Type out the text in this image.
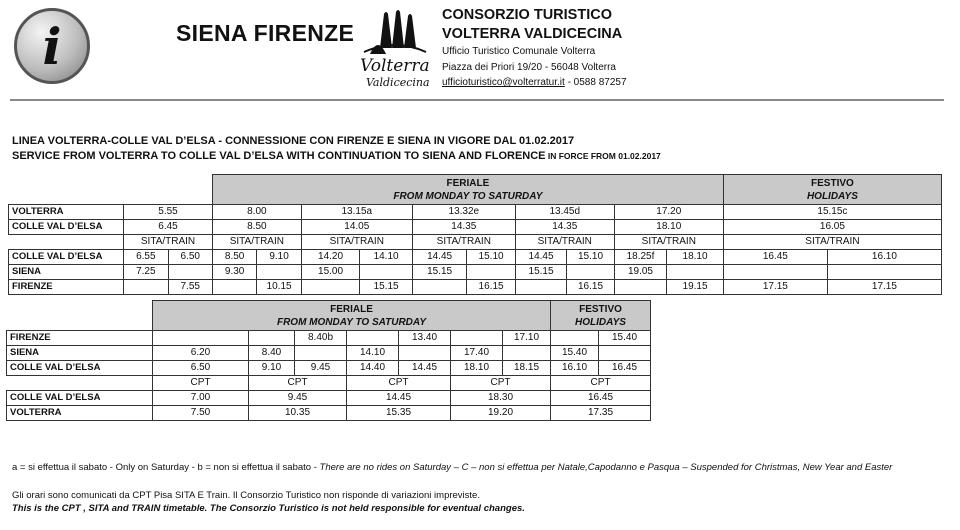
i	SIENA FIRENZE
Volterra
Valdicecina
CONSORZIO TURISTICO
VOLTERRA VALDICECINA
Ufficio Turistico Comunale Volterra
Piazza dei Priori 19/20 - 56048 Volterra
ufficioturistico@volterratur.it - 0588 87257
LINEA VOLTERRA-COLLE VAL D’ELSA - CONNESSIONE CON FIRENZE E SIENA IN VIGORE DAL 01.02.2017
SERVICE FROM VOLTERRA TO COLLE VAL D’ELSA WITH CONTINUATION TO SIENA AND FLORENCE IN FORCE FROM 01.02.2017

			FERIALE
FROM MONDAY TO SATURDAY										FESTIVO
HOLIDAYS	
VOLTERRA	5.55		8.00		13.15a		13.32e		13.45d		17.20		15.15c	
COLLE VAL D’ELSA	6.45		8.50		14.05		14.35		14.35		18.10		16.05	
	SITA/TRAIN		SITA/TRAIN		SITA/TRAIN		SITA/TRAIN		SITA/TRAIN		SITA/TRAIN		SITA/TRAIN	
COLLE VAL D’ELSA	6.55	6.50	8.50	9.10	14.20	14.10	14.45	15.10	14.45	15.10	18.25f	18.10	16.45	16.10
SIENA	7.25		9.30		15.00		15.15		15.15		19.05			
FIRENZE		7.55		10.15		15.15		16.15		16.15		19.15	17.15	17.15

	FERIALE
FROM MONDAY TO SATURDAY							FESTIVO
HOLIDAYS	
FIRENZE			8.40b		13.40		17.10		15.40
SIENA	6.20	8.40		14.10		17.40		15.40	
COLLE VAL D’ELSA	6.50	9.10	9.45	14.40	14.45	18.10	18.15	16.10	16.45
	CPT	CPT		CPT		CPT		CPT	
COLLE VAL D’ELSA	7.00	9.45		14.45		18.30		16.45	
VOLTERRA	7.50	10.35		15.35		19.20		17.35	
a = si effettua il sabato - Only on Saturday - b = non si effettua il sabato - There are no rides on Saturday – C – non si effettua per Natale,Capodanno e Pasqua – Suspended for Christmas, New Year and Easter
Gli orari sono comunicati da CPT Pisa SITA E Train. Il Consorzio Turistico non risponde di variazioni impreviste.
This is the CPT , SITA and TRAIN timetable. The Consorzio Turistico is not held responsible for eventual changes.
